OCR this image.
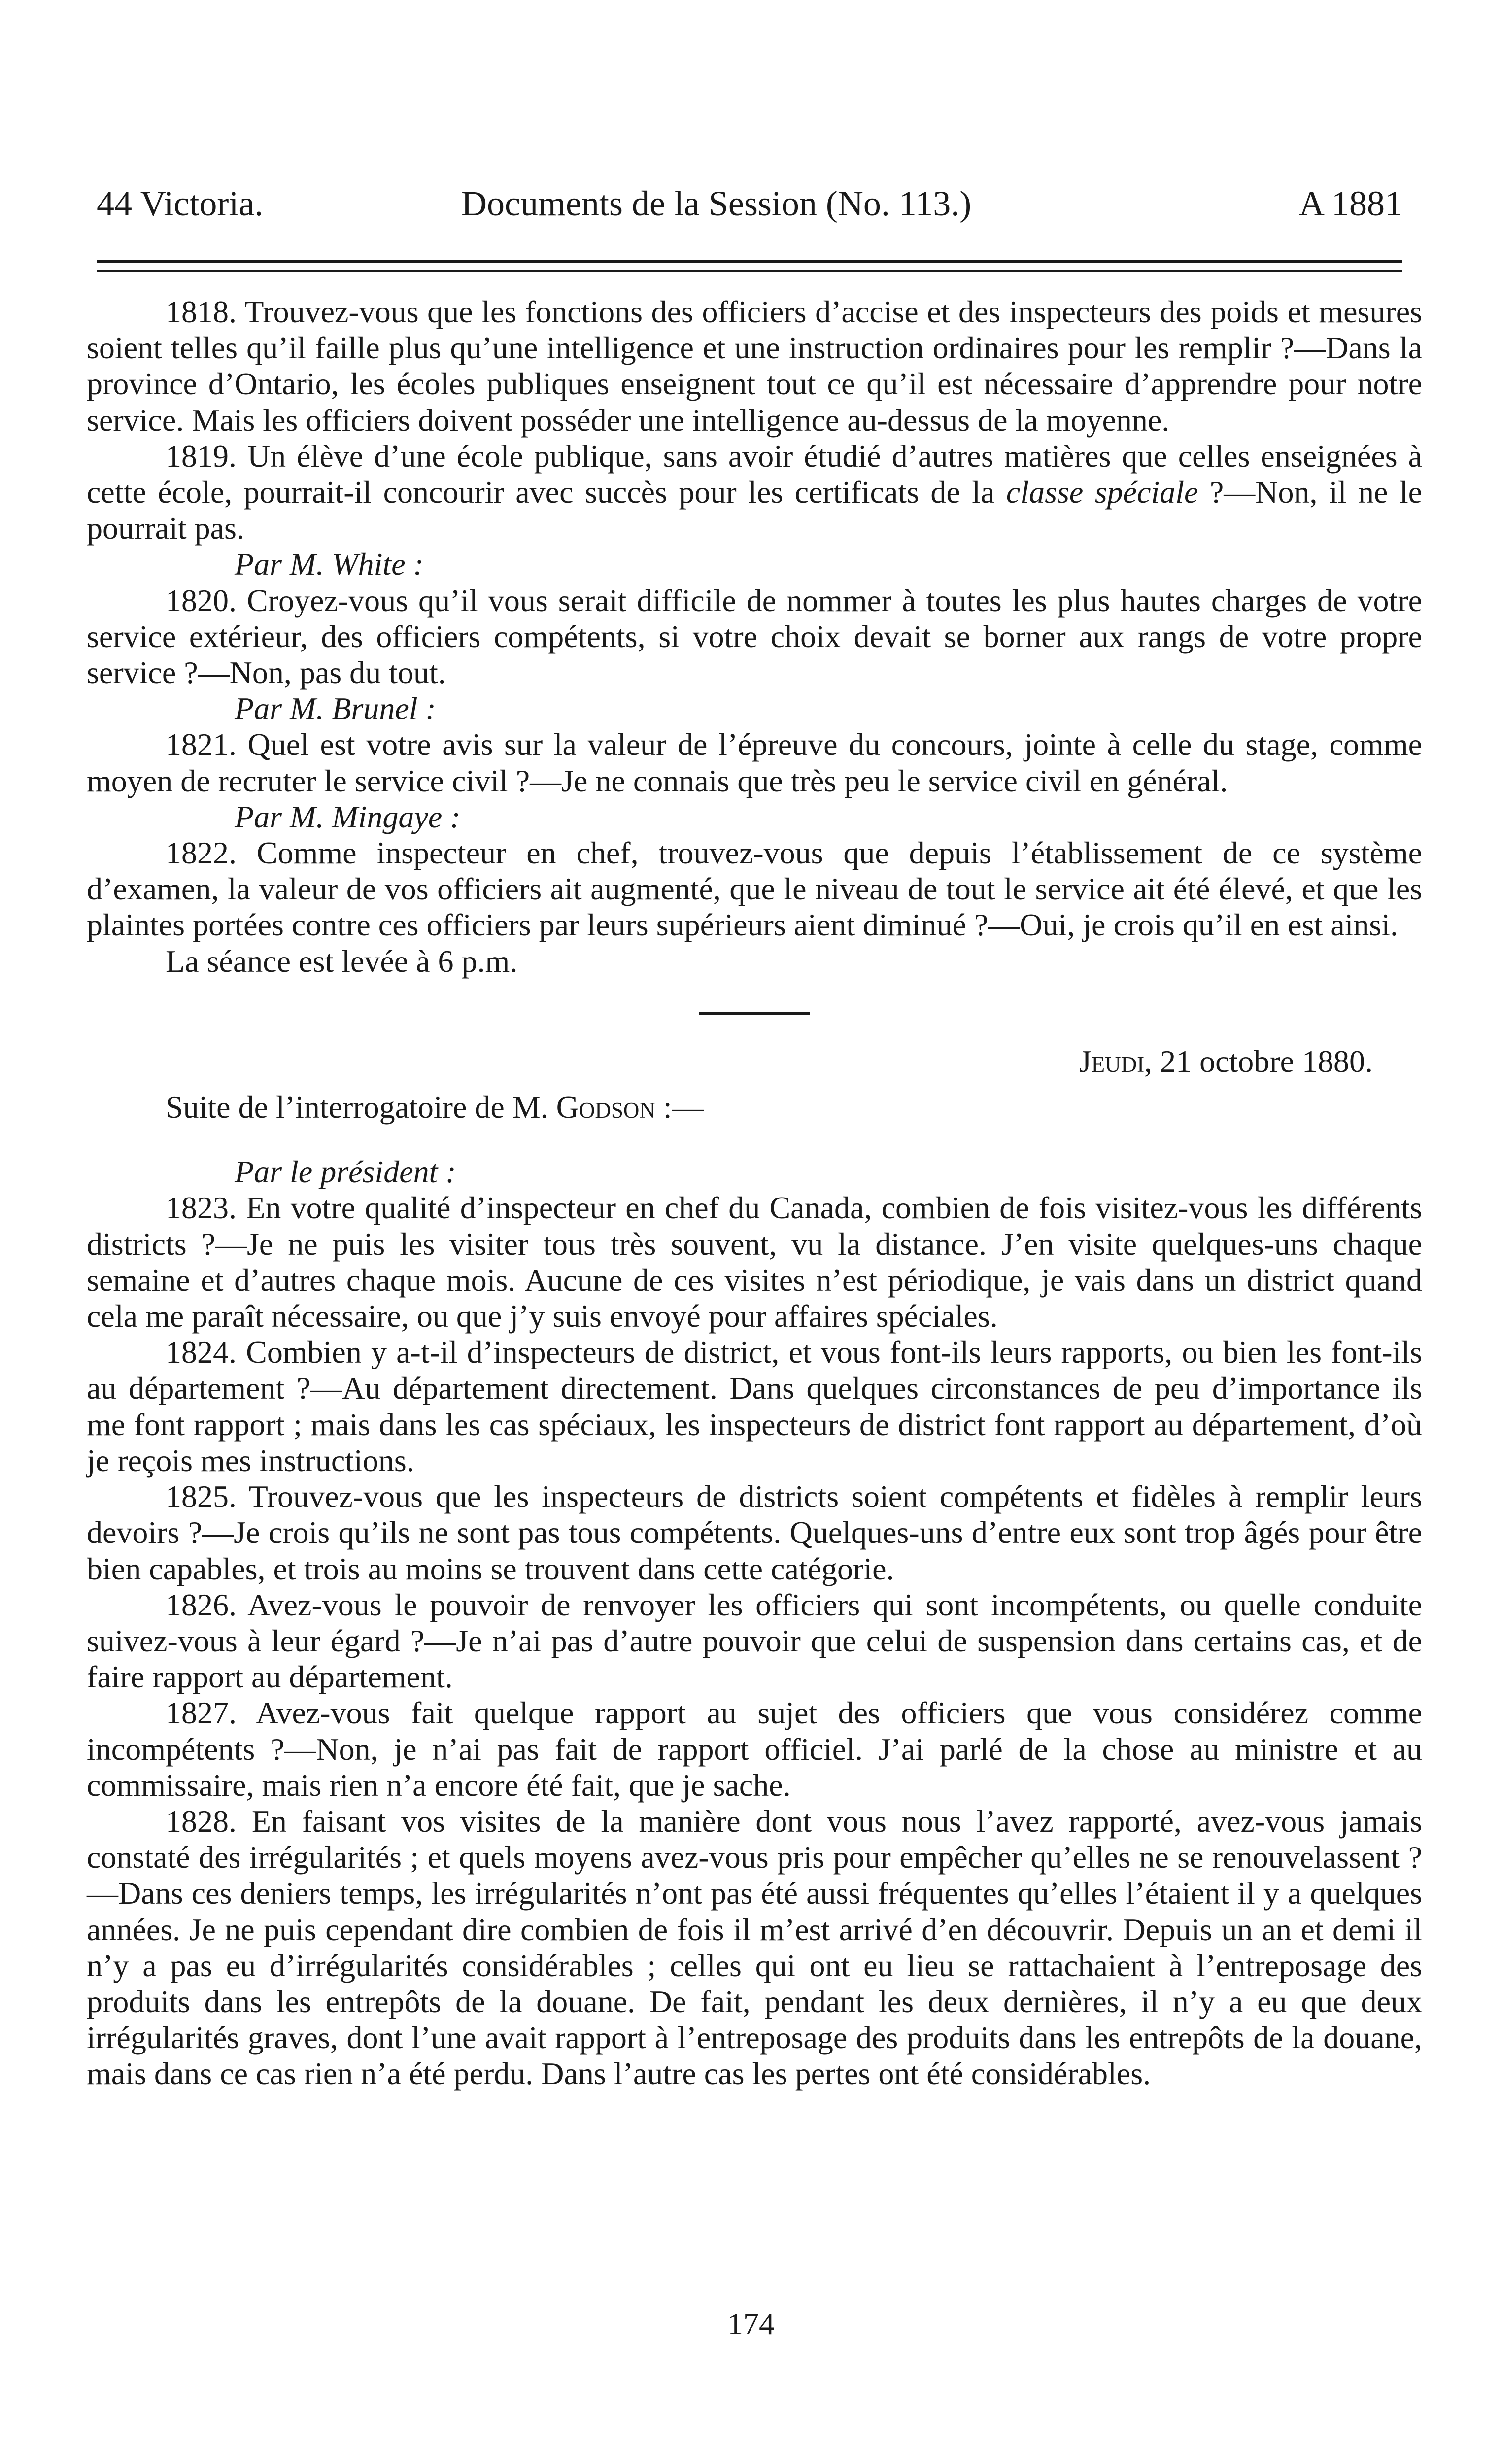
44 Victoria.	Documents de la Session (No. 113.)	A 1881

1818. Trouvez-vous que les fonctions des officiers d’accise et des inspecteurs des poids et mesures soient telles qu’il faille plus qu’une intelligence et une instruction ordinaires pour les remplir ?—Dans la province d’Ontario, les écoles publiques enseignent tout ce qu’il est nécessaire d’apprendre pour notre service. Mais les officiers doivent posséder une intelligence au-dessus de la moyenne.

1819. Un élève d’une école publique, sans avoir étudié d’autres matières que celles enseignées à cette école, pourrait-il concourir avec succès pour les certificats de la classe spéciale ?—Non, il ne le pourrait pas.

Par M. White :

1820. Croyez-vous qu’il vous serait difficile de nommer à toutes les plus hautes charges de votre service extérieur, des officiers compétents, si votre choix devait se borner aux rangs de votre propre service ?—Non, pas du tout.

Par M. Brunel :

1821. Quel est votre avis sur la valeur de l’épreuve du concours, jointe à celle du stage, comme moyen de recruter le service civil ?—Je ne connais que très peu le service civil en général.

Par M. Mingaye :

1822. Comme inspecteur en chef, trouvez-vous que depuis l’établissement de ce système d’examen, la valeur de vos officiers ait augmenté, que le niveau de tout le service ait été élevé, et que les plaintes portées contre ces officiers par leurs supérieurs aient diminué ?—Oui, je crois qu’il en est ainsi.

La séance est levée à 6 p.m.
Jeudi, 21 octobre 1880.
Suite de l’interrogatoire de M. Godson :—
Par le président :

1823. En votre qualité d’inspecteur en chef du Canada, combien de fois visitez-vous les différents districts ?—Je ne puis les visiter tous très souvent, vu la distance. J’en visite quelques-uns chaque semaine et d’autres chaque mois. Aucune de ces visites n’est périodique, je vais dans un district quand cela me paraît nécessaire, ou que j’y suis envoyé pour affaires spéciales.

1824. Combien y a-t-il d’inspecteurs de district, et vous font-ils leurs rapports, ou bien les font-ils au département ?—Au département directement. Dans quelques circonstances de peu d’importance ils me font rapport ; mais dans les cas spéciaux, les inspecteurs de district font rapport au département, d’où je reçois mes instructions.

1825. Trouvez-vous que les inspecteurs de districts soient compétents et fidèles à remplir leurs devoirs ?—Je crois qu’ils ne sont pas tous compétents. Quelques-uns d’entre eux sont trop âgés pour être bien capables, et trois au moins se trouvent dans cette catégorie.

1826. Avez-vous le pouvoir de renvoyer les officiers qui sont incompétents, ou quelle conduite suivez-vous à leur égard ?—Je n’ai pas d’autre pouvoir que celui de suspension dans certains cas, et de faire rapport au département.

1827. Avez-vous fait quelque rapport au sujet des officiers que vous considérez comme incompétents ?—Non, je n’ai pas fait de rapport officiel. J’ai parlé de la chose au ministre et au commissaire, mais rien n’a encore été fait, que je sache.

1828. En faisant vos visites de la manière dont vous nous l’avez rapporté, avez-vous jamais constaté des irrégularités ; et quels moyens avez-vous pris pour empêcher qu’elles ne se renouvelassent ?—Dans ces deniers temps, les irrégularités n’ont pas été aussi fréquentes qu’elles l’étaient il y a quelques années. Je ne puis cependant dire combien de fois il m’est arrivé d’en découvrir. Depuis un an et demi il n’y a pas eu d’irrégularités considérables ; celles qui ont eu lieu se rattachaient à l’entreposage des produits dans les entrepôts de la douane. De fait, pendant les deux dernières, il n’y a eu que deux irrégularités graves, dont l’une avait rapport à l’entreposage des produits dans les entrepôts de la douane, mais dans ce cas rien n’a été perdu. Dans l’autre cas les pertes ont été considérables.

174
